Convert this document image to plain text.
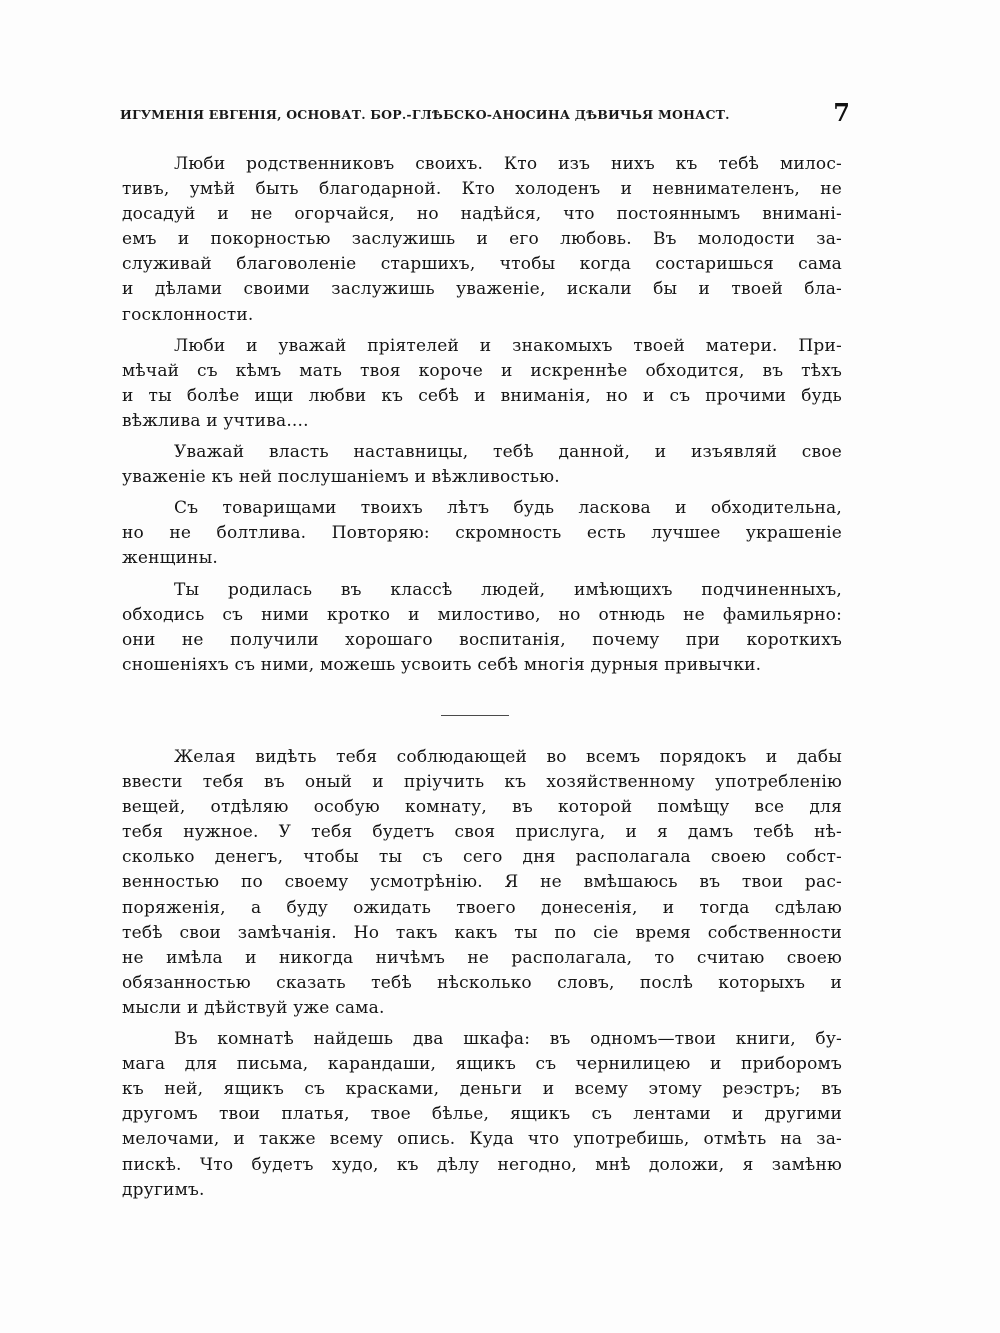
ИГУМЕНІЯ ЕВГЕНІЯ, ОСНОВАТ. БОР.-ГЛѢБСКО-АНОСИНА ДѢВИЧЬЯ МОНАСТ.	7

Люби родственниковъ своихъ. Кто изъ нихъ къ тебѣ милос-
тивъ, умѣй быть благодарной. Кто холоденъ и невнимателенъ, не
досадуй и не огорчайся, но надѣйся, что постояннымъ вниманi-
емъ и покорностью заслужишь и его любовь. Въ молодости за-
служивай благоволенiе старшихъ, чтобы когда состаришься сама
и дѣлами своими заслужишь уваженiе, искали бы и твоей бла-
госклонности.

Люби и уважай прiятелей и знакомыхъ твоей матери. При-
мѣчай съ кѣмъ мать твоя короче и искреннѣе обходится, въ тѣхъ
и ты болѣе ищи любви къ себѣ и вниманiя, но и съ прочими будь
вѣжлива и учтива....

Уважай власть наставницы, тебѣ данной, и изъявляй свое
уваженiе къ ней послушанiемъ и вѣжливостью.

Съ товарищами твоихъ лѣтъ будь ласкова и обходительна,
но не болтлива. Повторяю: скромность есть лучшее украшенiе
женщины.

Ты родилась въ классѣ людей, имѣющихъ подчиненныхъ,
обходись съ ними кротко и милостиво, но отнюдь не фамильярно:
они не получили хорошаго воспитанiя, почему при короткихъ
сношенiяхъ съ ними, можешь усвоить себѣ многiя дурныя привычки.

Желая видѣть тебя соблюдающей во всемъ порядокъ и дабы
ввести тебя въ оный и прiучить къ хозяйственному употребленiю
вещей, отдѣляю особую комнату, въ которой помѣщу все для
тебя нужное. У тебя будетъ своя прислуга, и я дамъ тебѣ нѣ-
сколько денегъ, чтобы ты съ сего дня располагала своею собст-
венностью по своему усмотрѣнiю. Я не вмѣшаюсь въ твои рас-
поряженiя, а буду ожидать твоего донесенiя, и тогда сдѣлаю
тебѣ свои замѣчанiя. Но такъ какъ ты по сiе время собственности
не имѣла и никогда ничѣмъ не располагала, то считаю своею
обязанностью сказать тебѣ нѣсколько словъ, послѣ которыхъ и
мысли и дѣйствуй уже сама.

Въ комнатѣ найдешь два шкафа: въ одномъ—твои книги, бу-
мага для письма, карандаши, ящикъ съ чернилицею и приборомъ
къ ней, ящикъ съ красками, деньги и всему этому реэстръ; въ
другомъ твои платья, твое бѣлье, ящикъ съ лентами и другими
мелочами, и также всему опись. Куда что употребишь, отмѣть на за-
пискѣ. Что будетъ худо, къ дѣлу негодно, мнѣ доложи, я замѣню
другимъ.
